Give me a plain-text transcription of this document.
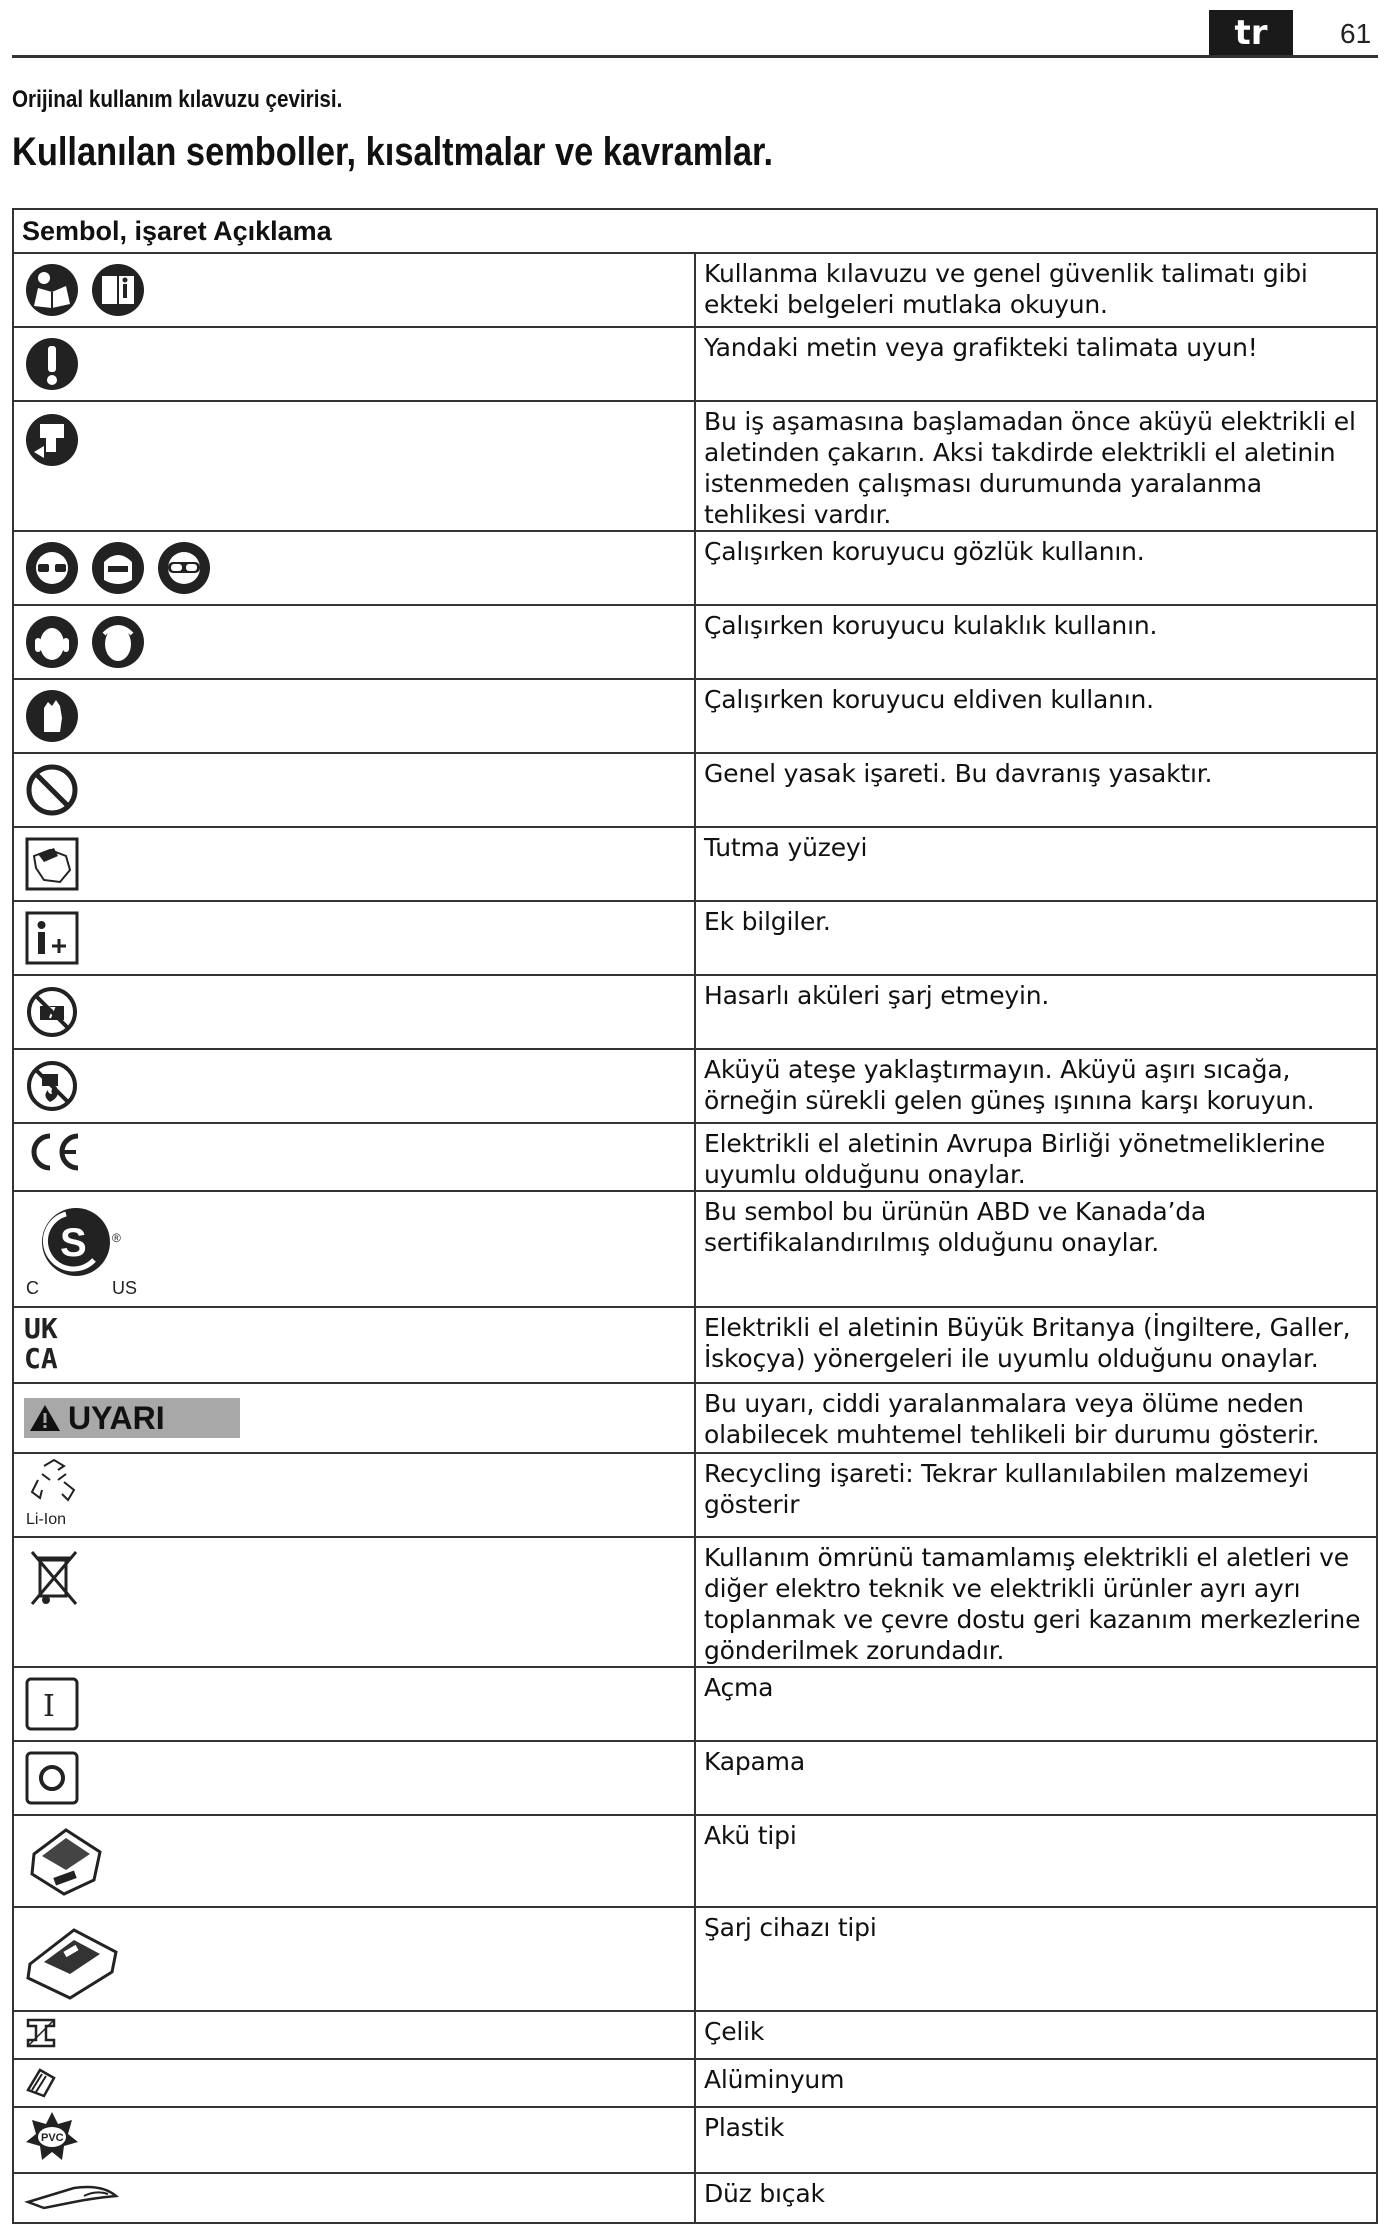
tr	61
Orijinal kullanım kılavuzu çevirisi.
Kullanılan semboller, kısaltmalar ve kavramlar.
Sembol, işaret Açıklama	

	Kullanma kılavuzu ve genel güvenlik talimatı gibi ekteki belgeleri mutlaka okuyun.

	Yandaki metin veya grafikteki talimata uyun!

	Bu iş aşamasına başlamadan önce aküyü elektrikli el aletinden çakarın. Aksi takdirde elektrikli el aletinin istenmeden çalışması durumunda yaralanma tehlikesi vardır.

	Çalışırken koruyucu gözlük kullanın.

	Çalışırken koruyucu kulaklık kullanın.

	Çalışırken koruyucu eldiven kullanın.

	Genel yasak işareti. Bu davranış yasaktır.

	Tutma yüzeyi

	Ek bilgiler.

	Hasarlı aküleri şarj etmeyin.

	Aküyü ateşe yaklaştırmayın. Aküyü aşırı sıcağa, örneğin sürekli gelen güneş ışınına karşı koruyun.

	Elektrikli el aletinin Avrupa Birliği yönetmeliklerine uyumlu olduğunu onaylar.

S ®
C US	Bu sembol bu ürünün ABD ve Kanada’da sertifikalandırılmış olduğunu onaylar.

UK
CA	Elektrikli el aletinin Büyük Britanya (İngiltere, Galler, İskoçya) yönergeleri ile uyumlu olduğunu onaylar.

UYARI	Bu uyarı, ciddi yaralanmalara veya ölüme neden olabilecek muhtemel tehlikeli bir durumu gösterir.

Li-Ion	Recycling işareti: Tekrar kullanılabilen malzemeyi gösterir

	Kullanım ömrünü tamamlamış elektrikli el aletleri ve diğer elektro teknik ve elektrikli ürünler ayrı ayrı toplanmak ve çevre dostu geri kazanım merkezlerine gönderilmek zorundadır.

I	Açma

	Kapama

	Akü tipi

	Şarj cihazı tipi

	Çelik

	Alüminyum

PVC	Plastik

	Düz bıçak
